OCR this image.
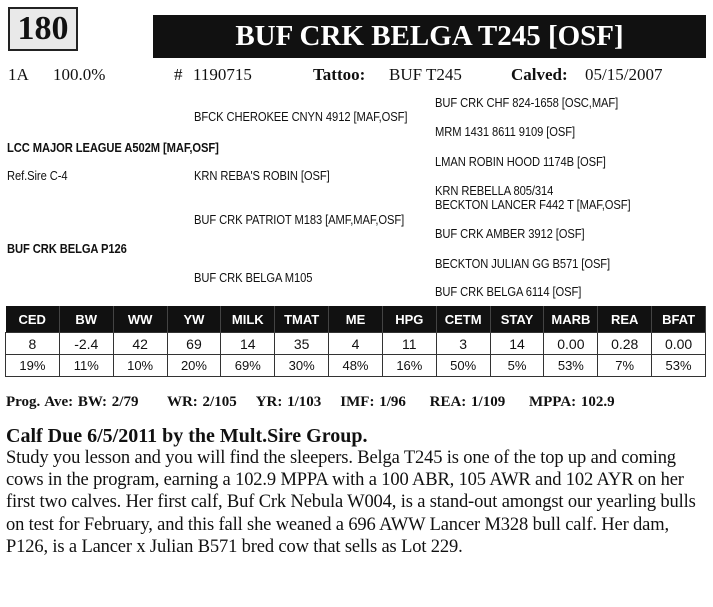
180	BUF CRK BELGA T245 [OSF]
1A 100.0%	# 1190715	Tattoo: BUF T245	Calved: 05/15/2007
LCC MAJOR LEAGUE A502M [MAF,OSF]
Ref.Sire C-4
BUF CRK BELGA P126
BFCK CHEROKEE CNYN 4912 [MAF,OSF]
KRN REBA'S ROBIN [OSF]
BUF CRK PATRIOT M183 [AMF,MAF,OSF]
BUF CRK BELGA M105
BUF CRK CHF 824-1658 [OSC,MAF]
MRM 1431 8611 9109 [OSF]
LMAN ROBIN HOOD 1174B [OSF]
KRN REBELLA 805/314
BECKTON LANCER F442 T [MAF,OSF]
BUF CRK AMBER 3912 [OSF]
BECKTON JULIAN GG B571 [OSF]
BUF CRK BELGA 6114 [OSF]
CED	BW	WW	YW	MILK	TMAT	ME	HPG	CETM	STAY	MARB	REA	BFAT
8	-2.4	42	69	14	35	4	11	3	14	0.00	0.28	0.00
19%	11%	10%	20%	69%	30%	48%	16%	50%	5%	53%	7%	53%
Prog. Ave: BW: 2/79 WR: 2/105 YR: 1/103 IMF: 1/96 REA: 1/109 MPPA: 102.9
Calf Due 6/5/2011 by the Mult.Sire Group.
Study you lesson and you will find the sleepers. Belga T245 is one of the top up and coming cows in the program, earning a 102.9 MPPA with a 100 ABR, 105 AWR and 102 AYR on her first two calves. Her first calf, Buf Crk Nebula W004, is a stand-out amongst our yearling bulls on test for February, and this fall she weaned a 696 AWW Lancer M328 bull calf. Her dam, P126, is a Lancer x Julian B571 bred cow that sells as Lot 229.
